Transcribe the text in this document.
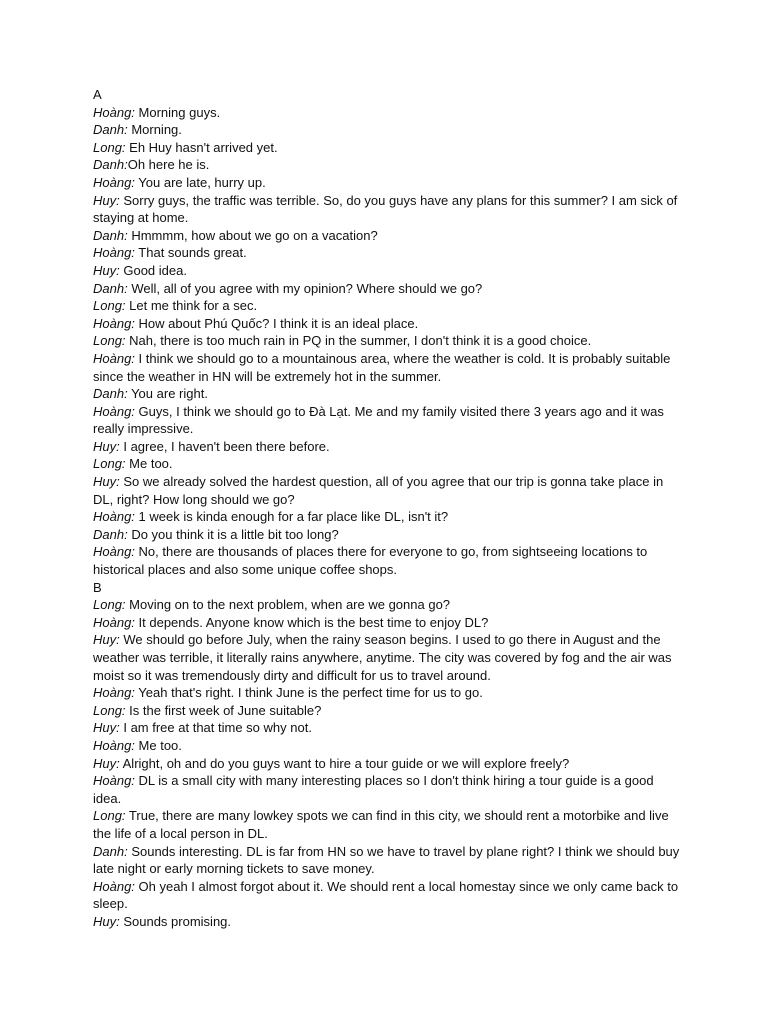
A

Hoàng: Morning guys.

Danh: Morning.

Long: Eh Huy hasn't arrived yet.

Danh:Oh here he is.

Hoàng: You are late, hurry up.

Huy: Sorry guys, the traffic was terrible. So, do you guys have any plans for this summer? I am sick of staying at home.

Danh: Hmmmm, how about we go on a vacation?

Hoàng: That sounds great.

Huy: Good idea.

Danh: Well, all of you agree with my opinion? Where should we go?

Long: Let me think for a sec.

Hoàng: How about Phú Quốc? I think it is an ideal place.

Long: Nah, there is too much rain in PQ in the summer, I don't think it is a good choice.

Hoàng: I think we should go to a mountainous area, where the weather is cold. It is probably suitable since the weather in HN will be extremely hot in the summer.

Danh: You are right.

Hoàng: Guys, I think we should go to Đà Lạt. Me and my family visited there 3 years ago and it was really impressive.

Huy: I agree, I haven't been there before.

Long: Me too.

Huy: So we already solved the hardest question, all of you agree that our trip is gonna take place in DL, right? How long should we go?

Hoàng: 1 week is kinda enough for a far place like DL, isn't it?

Danh: Do you think it is a little bit too long?

Hoàng: No, there are thousands of places there for everyone to go, from sightseeing locations to historical places and also some unique coffee shops.

B

Long: Moving on to the next problem, when are we gonna go?

Hoàng: It depends. Anyone know which is the best time to enjoy DL?

Huy: We should go before July, when the rainy season begins. I used to go there in August and the weather was terrible, it literally rains anywhere, anytime. The city was covered by fog and the air was moist so it was tremendously dirty and difficult for us to travel around.

Hoàng: Yeah that's right. I think June is the perfect time for us to go.

Long: Is the first week of June suitable?

Huy: I am free at that time so why not.

Hoàng: Me too.

Huy: Alright, oh and do you guys want to hire a tour guide or we will explore freely?

Hoàng: DL is a small city with many interesting places so I don't think hiring a tour guide is a good idea.

Long: True, there are many lowkey spots we can find in this city, we should rent a motorbike and live the life of a local person in DL.

Danh: Sounds interesting. DL is far from HN so we have to travel by plane right? I think we should buy late night or early morning tickets to save money.

Hoàng: Oh yeah I almost forgot about it. We should rent a local homestay since we only came back to sleep.

Huy: Sounds promising.
